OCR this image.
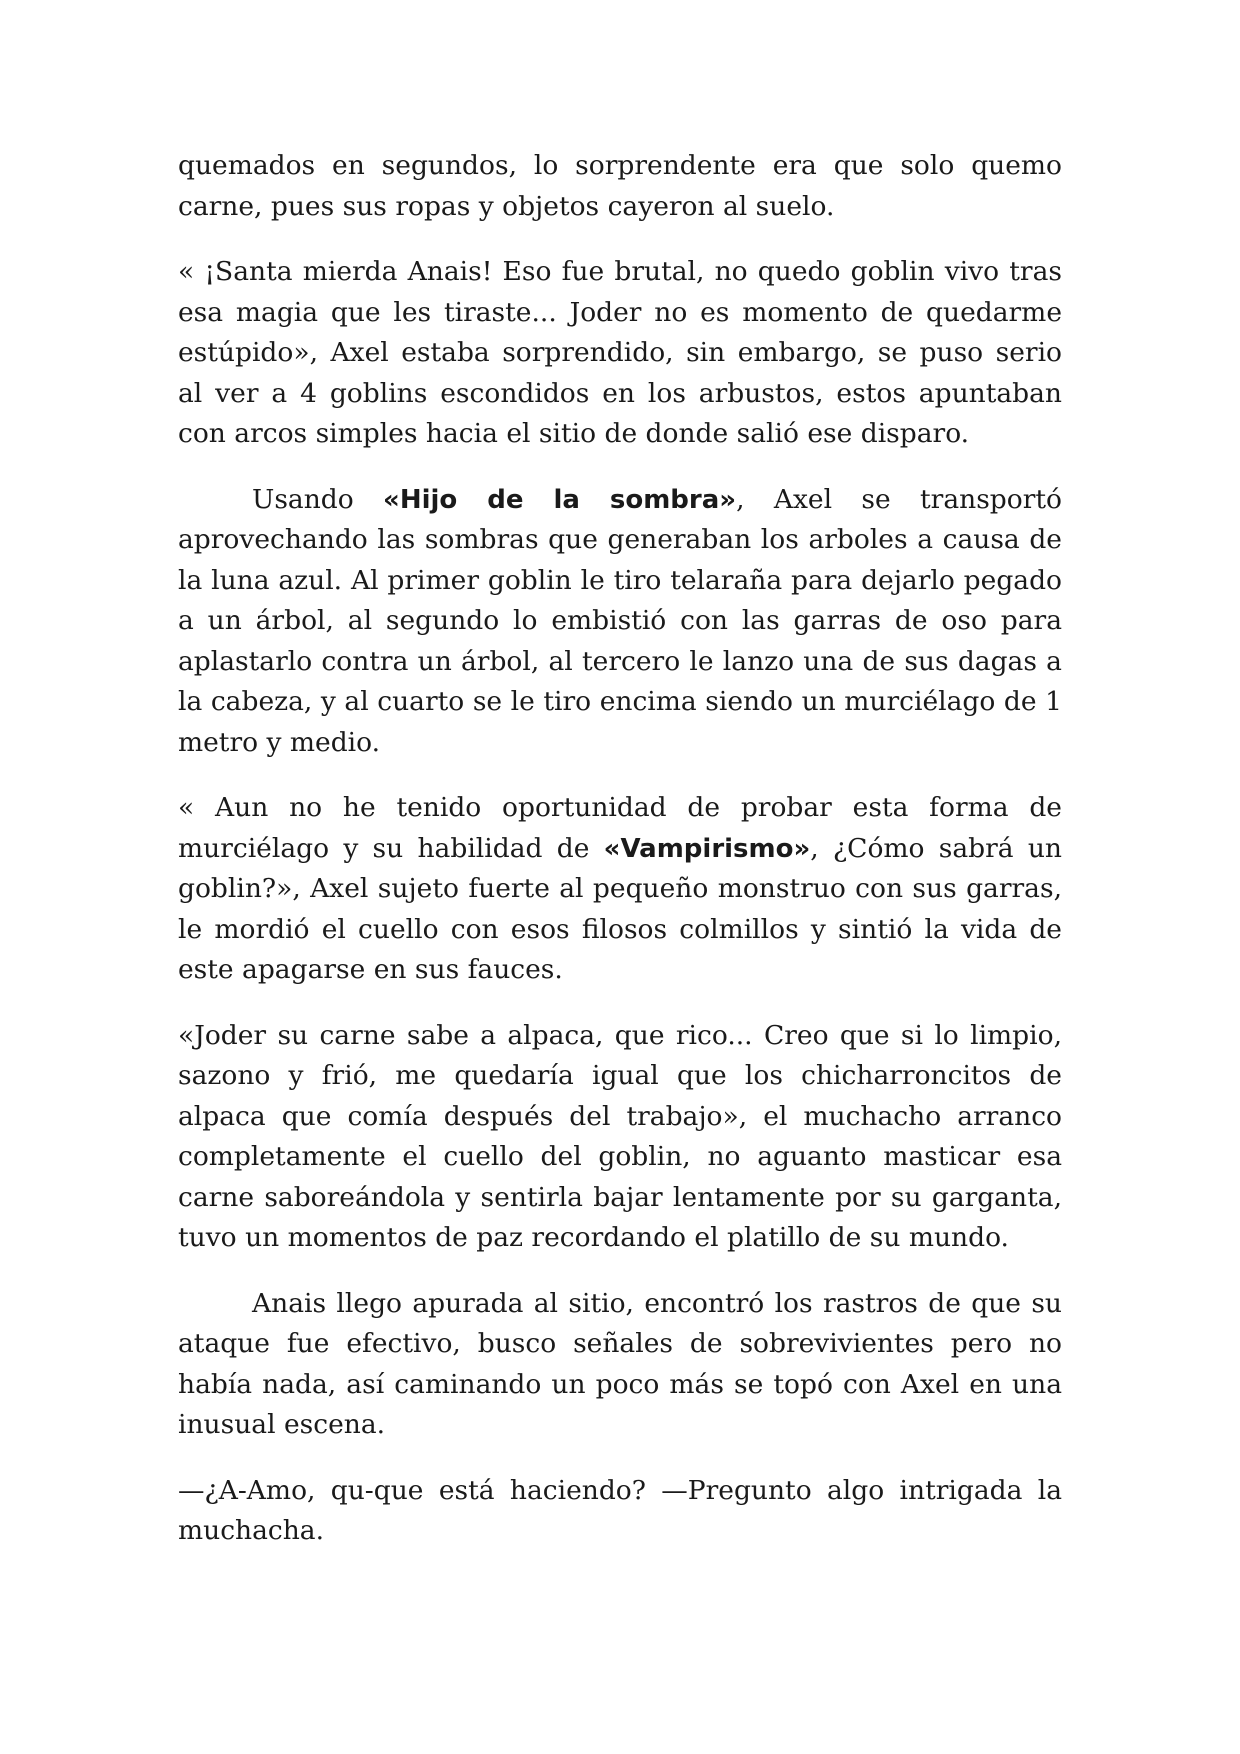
quemados en segundos, lo sorprendente era que solo quemo carne, pues sus ropas y objetos cayeron al suelo.

« ¡Santa mierda Anais! Eso fue brutal, no quedo goblin vivo tras esa magia que les tiraste... Joder no es momento de quedarme estúpido», Axel estaba sorprendido, sin embargo, se puso serio al ver a 4 goblins escondidos en los arbustos, estos apuntaban con arcos simples hacia el sitio de donde salió ese disparo.

Usando «Hijo de la sombra», Axel se transportó aprovechando las sombras que generaban los arboles a causa de la luna azul. Al primer goblin le tiro telaraña para dejarlo pegado a un árbol, al segundo lo embistió con las garras de oso para aplastarlo contra un árbol, al tercero le lanzo una de sus dagas a la cabeza, y al cuarto se le tiro encima siendo un murciélago de 1 metro y medio.

« Aun no he tenido oportunidad de probar esta forma de murciélago y su habilidad de «Vampirismo», ¿Cómo sabrá un goblin?», Axel sujeto fuerte al pequeño monstruo con sus garras, le mordió el cuello con esos filosos colmillos y sintió la vida de este apagarse en sus fauces.

«Joder su carne sabe a alpaca, que rico... Creo que si lo limpio, sazono y frió, me quedaría igual que los chicharroncitos de alpaca que comía después del trabajo», el muchacho arranco completamente el cuello del goblin, no aguanto masticar esa carne saboreándola y sentirla bajar lentamente por su garganta, tuvo un momentos de paz recordando el platillo de su mundo.

Anais llego apurada al sitio, encontró los rastros de que su ataque fue efectivo, busco señales de sobrevivientes pero no había nada, así caminando un poco más se topó con Axel en una inusual escena.

—¿A-Amo, qu-que está haciendo? —Pregunto algo intrigada la muchacha.
